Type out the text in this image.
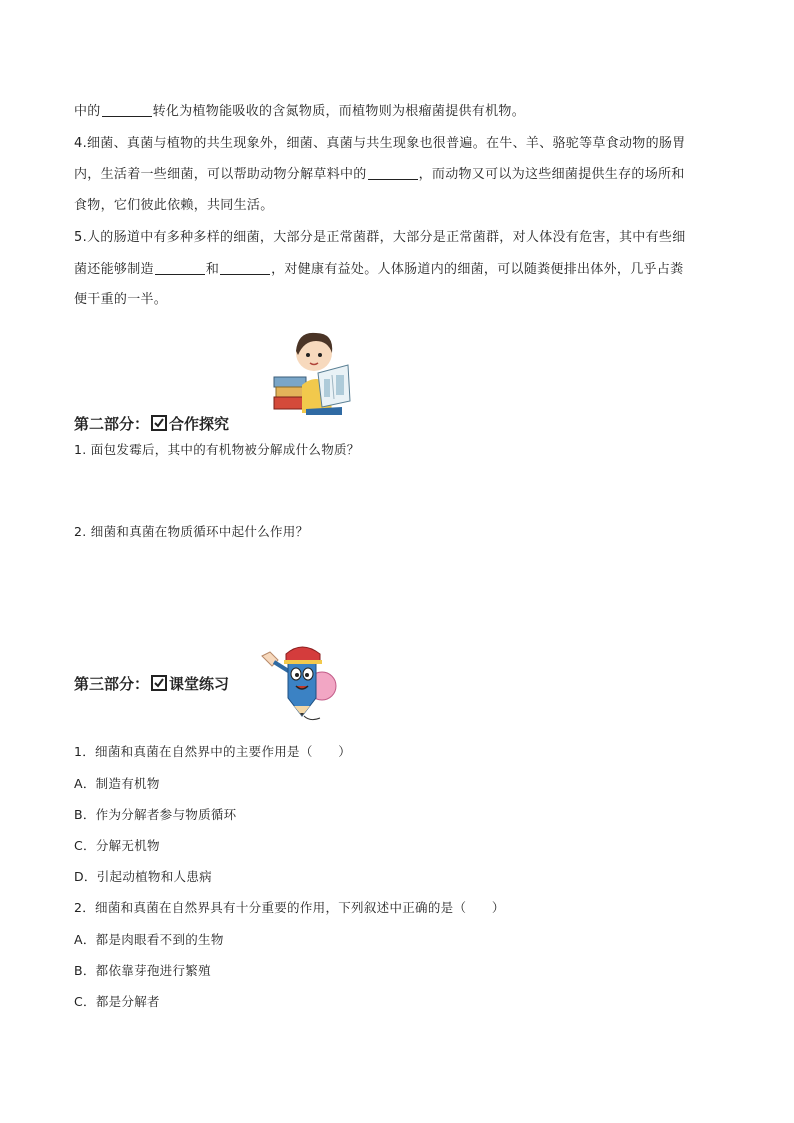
中的	转化为植物能吸收的含氮物质，而植物则为根瘤菌提供有机物。
4.细菌、真菌与植物的共生现象外，细菌、真菌与共生现象也很普遍。在牛、羊、骆驼等草食动物的肠胃
内，生活着一些细菌，可以帮助动物分解草料中的	，而动物又可以为这些细菌提供生存的场所和
食物，它们彼此依赖，共同生活。
5.人的肠道中有多种多样的细菌，大部分是正常菌群，大部分是正常菌群，对人体没有危害，其中有些细
菌还能够制造	和	，对健康有益处。人体肠道内的细菌，可以随粪便排出体外，几乎占粪
便干重的一半。
第二部分： 合作探究
1. 面包发霉后，其中的有机物被分解成什么物质？
2. 细菌和真菌在物质循环中起什么作用？
第三部分： 课堂练习
1．细菌和真菌在自然界中的主要作用是（　　）
A．制造有机物
B．作为分解者参与物质循环
C．分解无机物
D．引起动植物和人患病
2．细菌和真菌在自然界具有十分重要的作用，下列叙述中正确的是（　　）
A．都是肉眼看不到的生物
B．都依靠芽孢进行繁殖
C．都是分解者
